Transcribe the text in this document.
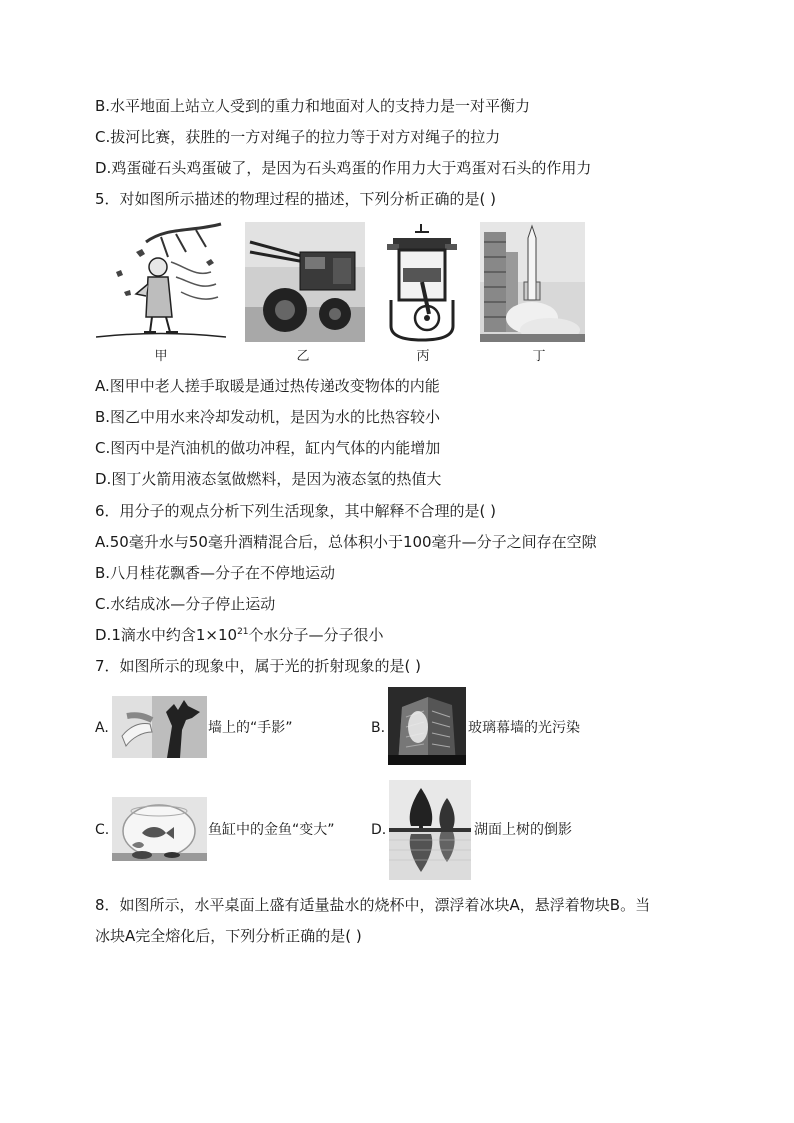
B.水平地面上站立人受到的重力和地面对人的支持力是一对平衡力
C.拔河比赛，获胜的一方对绳子的拉力等于对方对绳子的拉力
D.鸡蛋碰石头鸡蛋破了，是因为石头鸡蛋的作用力大于鸡蛋对石头的作用力
5．对如图所示描述的物理过程的描述，下列分析正确的是( )
甲	乙	丙	丁
A.图甲中老人搓手取暖是通过热传递改变物体的内能
B.图乙中用水来冷却发动机，是因为水的比热容较小
C.图丙中是汽油机的做功冲程，缸内气体的内能增加
D.图丁火箭用液态氢做燃料，是因为液态氢的热值大
6．用分子的观点分析下列生活现象，其中解释不合理的是( )
A.50毫升水与50毫升酒精混合后，总体积小于100毫升—分子之间存在空隙
B.八月桂花飘香—分子在不停地运动
C.水结成冰—分子停止运动
D.1滴水中约含$1\times 10^{21}$个水分子—分子很小
7．如图所示的现象中，属于光的折射现象的是( )
A.	墙上的“手影”	B.	玻璃幕墙的光污染
C.	鱼缸中的金鱼“变大”	D.	湖面上树的倒影
8．如图所示，水平桌面上盛有适量盐水的烧杯中，漂浮着冰块A，悬浮着物块B。当
冰块A完全熔化后，下列分析正确的是( )
